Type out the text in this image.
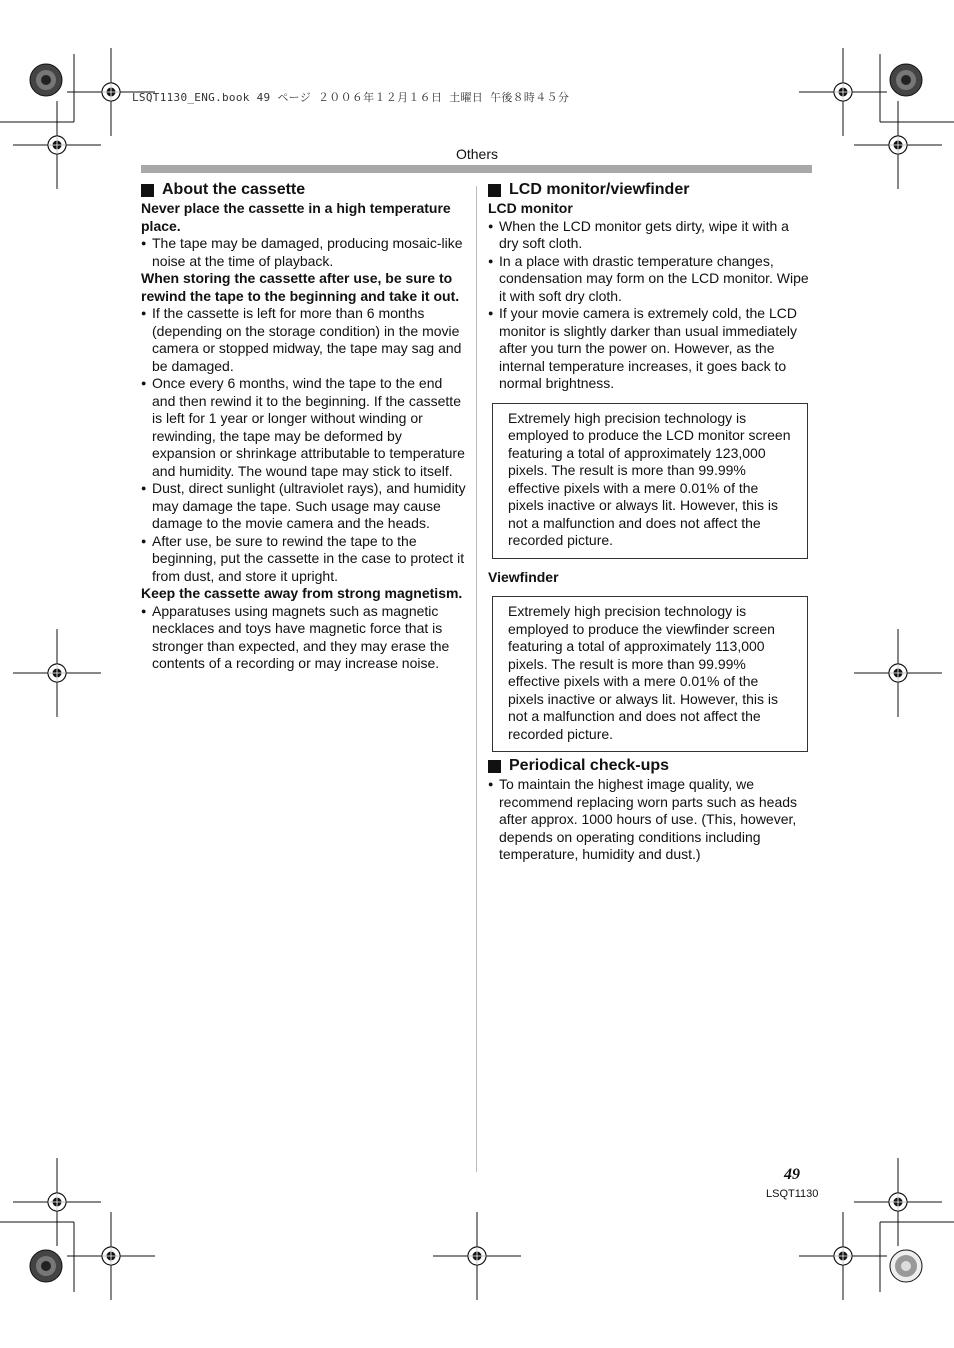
LSQT1130_ENG.book 49 ページ ２００６年１２月１６日 土曜日 午後８時４５分
Others
About the cassette
Never place the cassette in a high temperature place.
● The tape may be damaged, producing mosaic-like noise at the time of playback.
When storing the cassette after use, be sure to rewind the tape to the beginning and take it out.
● If the cassette is left for more than 6 months (depending on the storage condition) in the movie camera or stopped midway, the tape may sag and be damaged.
● Once every 6 months, wind the tape to the end and then rewind it to the beginning. If the cassette is left for 1 year or longer without winding or rewinding, the tape may be deformed by expansion or shrinkage attributable to temperature and humidity. The wound tape may stick to itself.
● Dust, direct sunlight (ultraviolet rays), and humidity may damage the tape. Such usage may cause damage to the movie camera and the heads.
● After use, be sure to rewind the tape to the beginning, put the cassette in the case to protect it from dust, and store it upright.
Keep the cassette away from strong magnetism.
● Apparatuses using magnets such as magnetic necklaces and toys have magnetic force that is stronger than expected, and they may erase the contents of a recording or may increase noise.
LCD monitor/viewfinder
LCD monitor
● When the LCD monitor gets dirty, wipe it with a dry soft cloth.
● In a place with drastic temperature changes, condensation may form on the LCD monitor. Wipe it with soft dry cloth.
● If your movie camera is extremely cold, the LCD monitor is slightly darker than usual immediately after you turn the power on. However, as the internal temperature increases, it goes back to normal brightness.
Extremely high precision technology is employed to produce the LCD monitor screen featuring a total of approximately 123,000 pixels. The result is more than 99.99% effective pixels with a mere 0.01% of the pixels inactive or always lit. However, this is not a malfunction and does not affect the recorded picture.
Viewfinder
Extremely high precision technology is employed to produce the viewfinder screen featuring a total of approximately 113,000 pixels. The result is more than 99.99% effective pixels with a mere 0.01% of the pixels inactive or always lit. However, this is not a malfunction and does not affect the recorded picture.
Periodical check-ups
● To maintain the highest image quality, we recommend replacing worn parts such as heads after approx. 1000 hours of use. (This, however, depends on operating conditions including temperature, humidity and dust.)
49
LSQT1130
